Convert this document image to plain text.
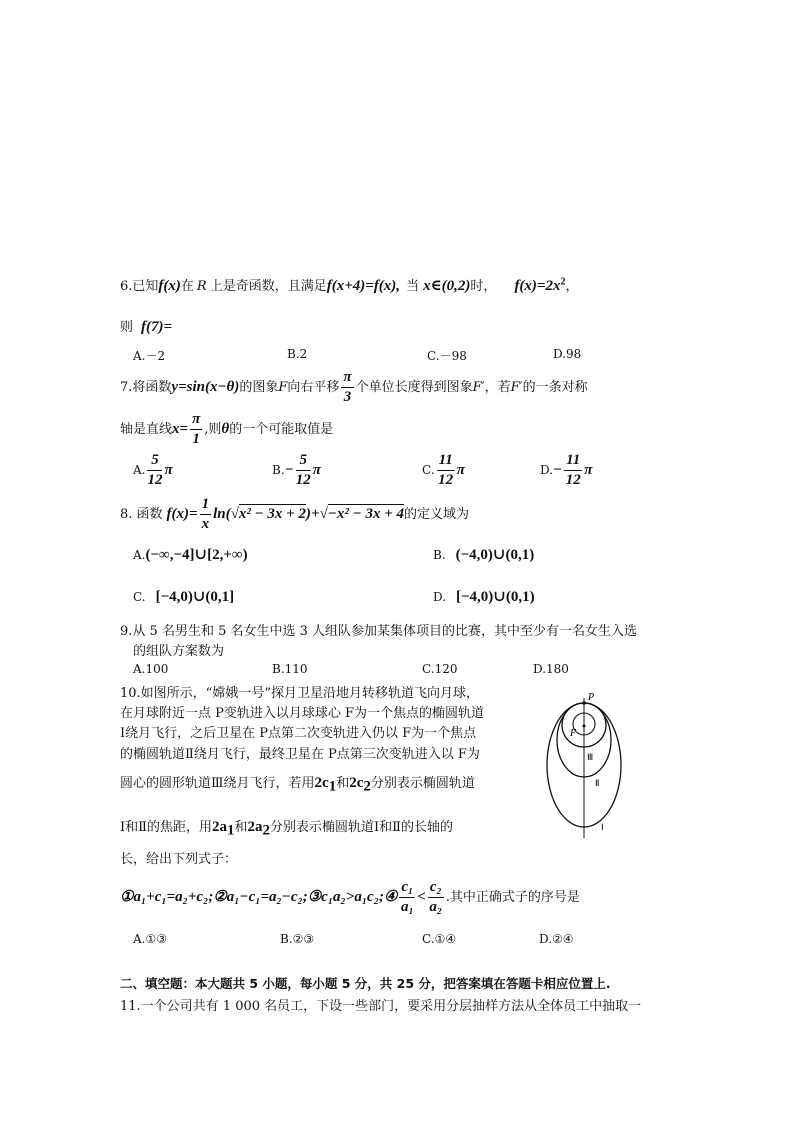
6.已知f(x)在 R 上是奇函数，且满足f(x+4)=f(x), 当 x∈(0,2)时， $f(x)=2x^2$，
则 f(7)=
A.－2	B.2	C.－98	D.98
7.将函数y=sin(x−θ)的图象F向右平移 $\frac{\pi}{3}$ 个单位长度得到图象F′，若F′的一条对称
轴是直线$x= \frac{\pi}{1}$ ,则θ的一个可能取值是
A. $\frac{5}{12}$ π	$B.- \frac{5}{12}$ π	C. $\frac{11}{12}$ π	$D.- \frac{11}{12}$ π
8. 函数 $f(x)= \frac{1}{x} \ln(√x^2 - 3x + 2)+√-x^2 - 3x + 4$的定义域为
A.(−∞,−4]∪[2,+∞)	B. (−4,0)∪(0,1)
C. [−4,0)∪(0,1]	D. [−4,0)∪(0,1)
9.从 5 名男生和 5 名女生中选 3 人组队参加某集体项目的比赛，其中至少有一名女生入选
的组队方案数为
A.100	B.110	C.120	D.180
10.如图所示，“嫦娥一号”探月卫星沿地月转移轨道飞向月球，
在月球附近一点 P变轨进入以月球球心 F为一个焦点的椭圆轨道
Ⅰ绕月飞行，之后卫星在 P点第二次变轨进入仍以 F为一个焦点
的椭圆轨道Ⅱ绕月飞行，最终卫星在 P点第三次变轨进入以 F为
圆心的圆形轨道Ⅲ绕月飞行，若用$2c_1$和$2c_2$分别表示椭圆轨道
Ⅰ和Ⅱ的焦距，用$2a_1$和$2a_2$分别表示椭圆轨道Ⅰ和Ⅱ的长轴的
长，给出下列式子：
①a₁+c₁=a₂+c₂;②a₁−c₁=a₂−c₂;③c₁a₂>a₁c₂;④ $\frac{\text{c₁}}{\text{a₁}} < \frac{\text{c₂}}{\text{a₂}}$ .其中正确式子的序号是
A.①③	B.②③	C.①④	D.②④
P
F
Ⅲ
Ⅱ
Ⅰ
二、填空题：本大题共 5 小题，每小题 5 分，共 25 分，把答案填在答题卡相应位置上.
11.一个公司共有 1 000 名员工，下设一些部门，要采用分层抽样方法从全体员工中抽取一
